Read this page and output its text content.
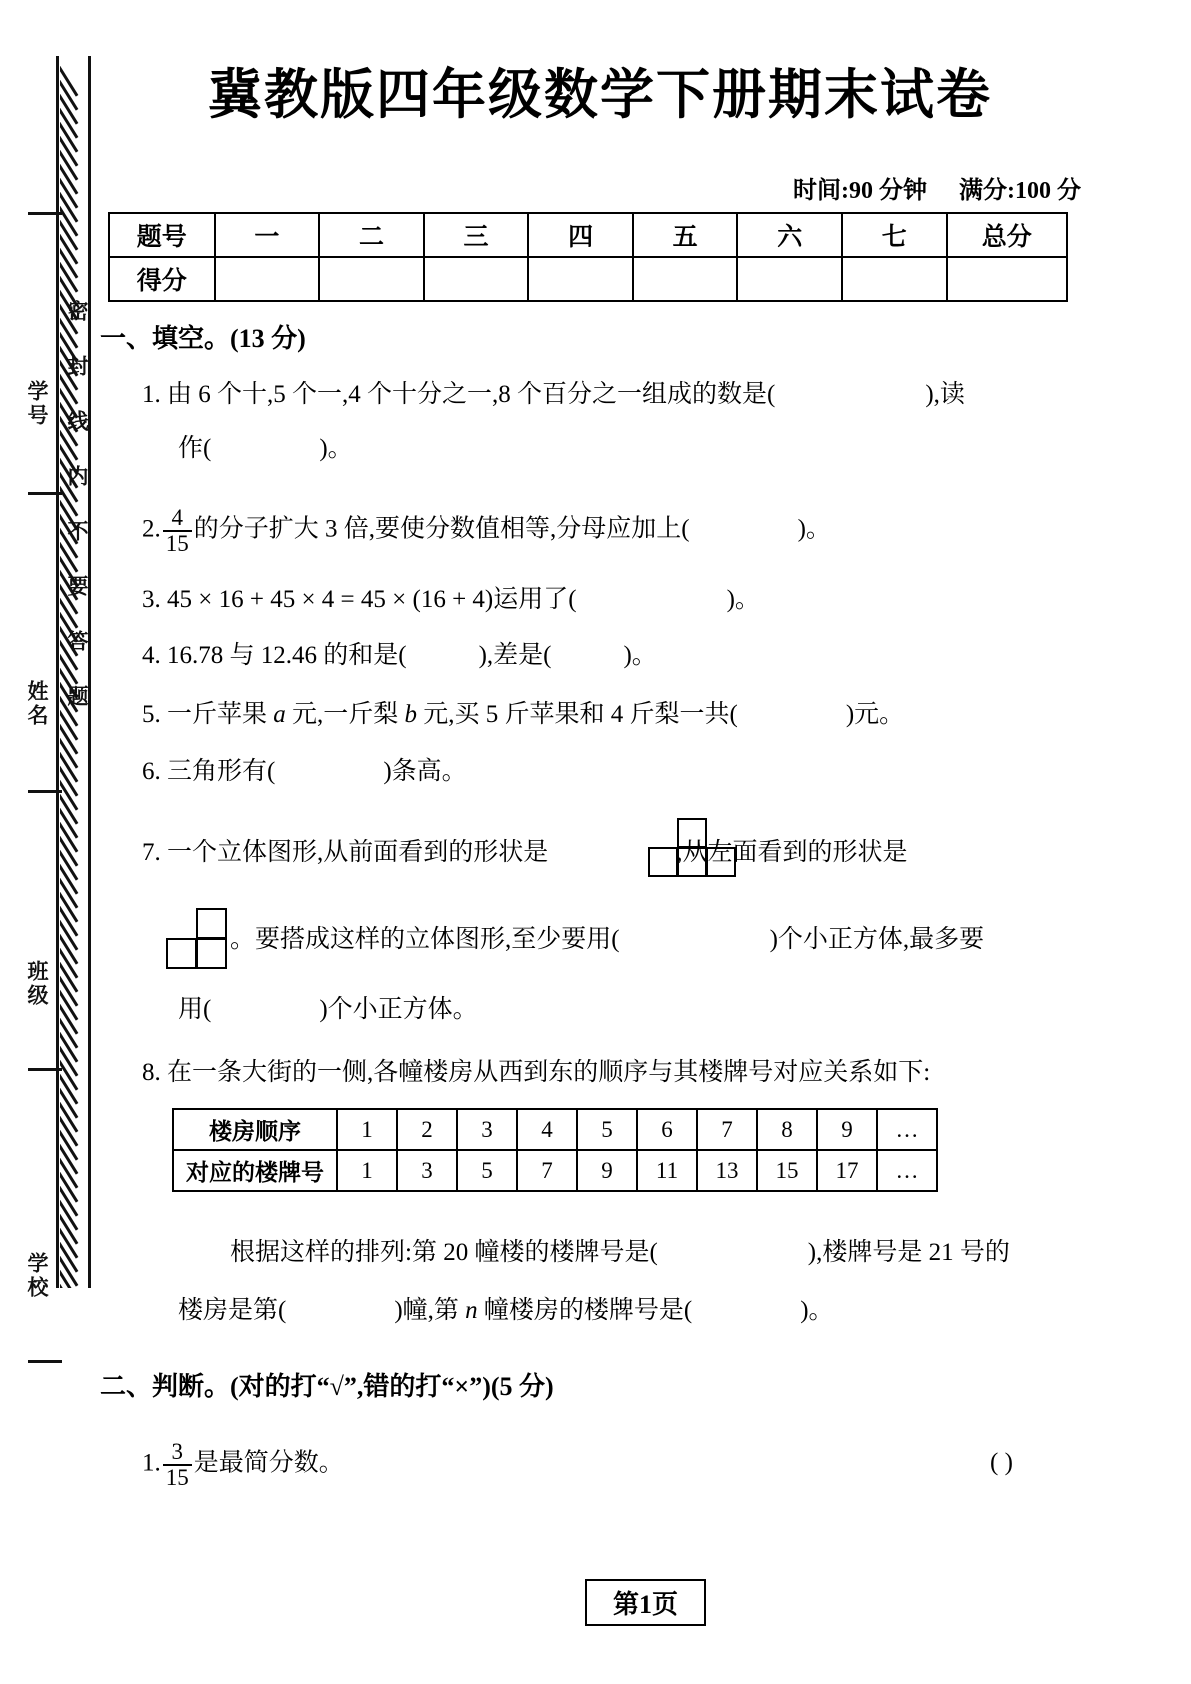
密封线内不要答题
学号
姓名
班级
学校
冀教版四年级数学下册期末试卷
时间:90 分钟 满分:100 分
题号	一	二	三	四	五	六	七	总分
得分								
一、填空。(13 分)
1. 由 6 个十,5 个一,4 个十分之一,8 个百分之一组成的数是(	),读
作(	)。
2. $\frac{4}{15}$ 的分子扩大 3 倍,要使分数值相等,分母应加上(	)。
3. 45 × 16 + 45 × 4 = 45 × (16 + 4)运用了(	)。
4. 16.78 与 12.46 的和是(	),差是(	)。
5. 一斤苹果 a 元,一斤梨 b 元,买 5 斤苹果和 4 斤梨一共(	)元。
6. 三角形有(	)条高。
7. 一个立体图形,从前面看到的形状是	,从左面看到的形状是
。要搭成这样的立体图形,至少要用(	)个小正方体,最多要
用(	)个小正方体。
8. 在一条大街的一侧,各幢楼房从西到东的顺序与其楼牌号对应关系如下:
楼房顺序	1	2	3	4	5	6	7	8	9	…
对应的楼牌号	1	3	5	7	9	11	13	15	17	…
根据这样的排列:第 20 幢楼的楼牌号是(	),楼牌号是 21 号的
楼房是第(	)幢,第 n 幢楼房的楼牌号是(	)。
二、判断。(对的打“√”,错的打“×”)(5 分)
1. $\frac{3}{15}$ 是最简分数。	( )
第1页
